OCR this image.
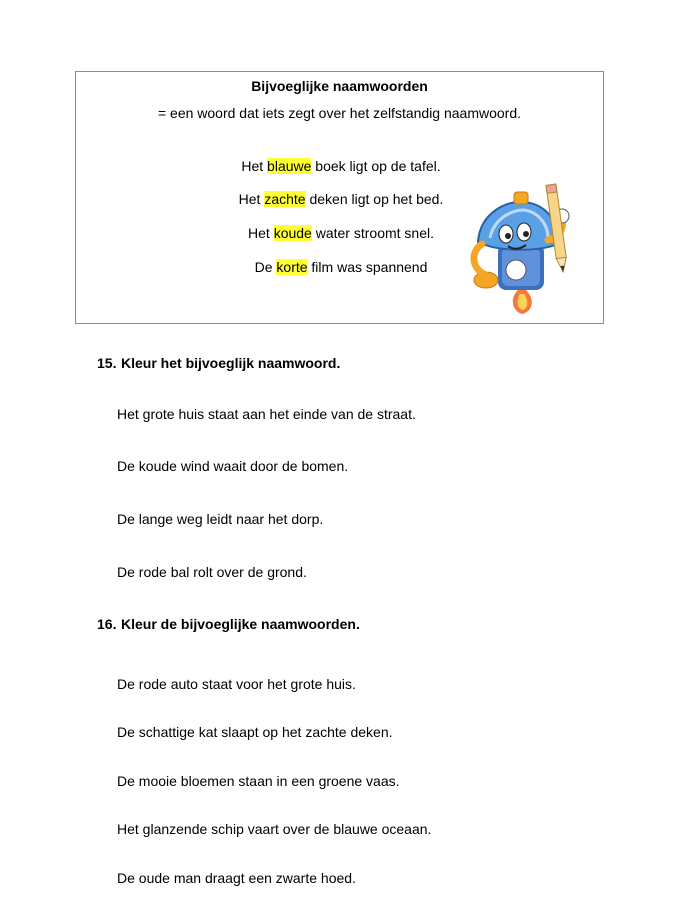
Bijvoeglijke naamwoorden
= een woord dat iets zegt over het zelfstandig naamwoord.
Het blauwe boek ligt op de tafel.
Het zachte deken ligt op het bed.
Het koude water stroomt snel.
De korte film was spannend
15. Kleur het bijvoeglijk naamwoord.
Het grote huis staat aan het einde van de straat.
De koude wind waait door de bomen.
De lange weg leidt naar het dorp.
De rode bal rolt over de grond.
16. Kleur de bijvoeglijke naamwoorden.
De rode auto staat voor het grote huis.
De schattige kat slaapt op het zachte deken.
De mooie bloemen staan in een groene vaas.
Het glanzende schip vaart over de blauwe oceaan.
De oude man draagt een zwarte hoed.
